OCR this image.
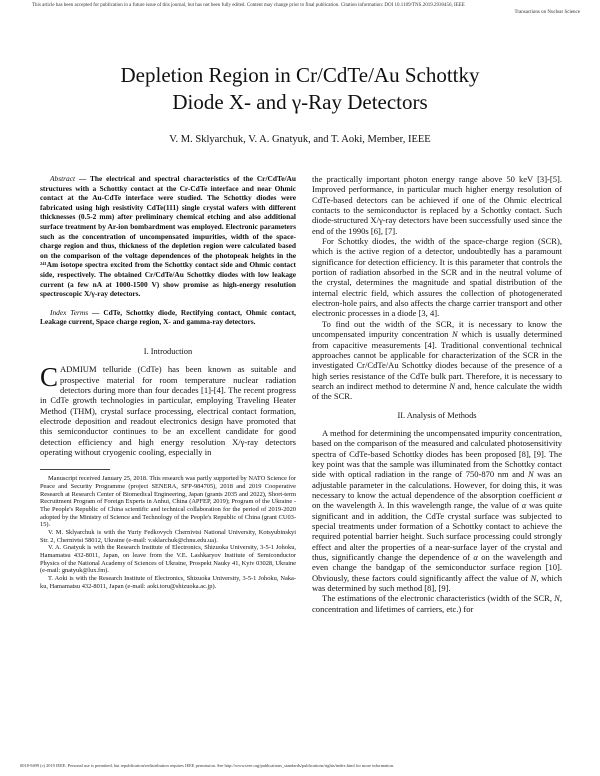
This article has been accepted for publication in a future issue of this journal, but has not been fully edited. Content may change prior to final publication. Citation information: DOI 10.1109/TNS.2019.2930456, IEEE
Transactions on Nuclear Science
Depletion Region in Cr/CdTe/Au Schottky
Diode X- and γ-Ray Detectors
V. M. Sklyarchuk, V. A. Gnatyuk, and T. Aoki, Member, IEEE

Abstract — The electrical and spectral characteristics of the Cr/CdTe/Au structures with a Schottky contact at the Cr-CdTe interface and near Ohmic contact at the Au-CdTe interface were studied. The Schottky diodes were fabricated using high resistivity CdTe(111) single crystal wafers with different thicknesses (0.5-2 mm) after preliminary chemical etching and also additional surface treatment by Ar-ion bombardment was employed. Electronic parameters such as the concentration of uncompensated impurities, width of the space-charge region and thus, thickness of the depletion region were calculated based on the comparison of the voltage dependences of the photopeak heights in the ²⁴¹Am isotope spectra excited from the Schottky contact side and Ohmic contact side, respectively. The obtained Cr/CdTe/Au Schottky diodes with low leakage current (a few nA at 1000-1500 V) show promise as high-energy resolution spectroscopic X/γ-ray detectors.

Index Terms — CdTe, Schottky diode, Rectifying contact, Ohmic contact, Leakage current, Space charge region, X- and gamma-ray detectors.

I. Introduction

CADMIUM telluride (CdTe) has been known as suitable and prospective material for room temperature nuclear radiation detectors during more than four decades [1]-[4]. The recent progress in CdTe growth technologies in particular, employing Traveling Heater Method (THM), crystal surface processing, electrical contact formation, electrode deposition and readout electronics design have promoted that this semiconductor continues to be an excellent candidate for good detection efficiency and high energy resolution X/γ-ray detectors operating without cryogenic cooling, especially in

Manuscript received January 25, 2018. This research was partly supported by NATO Science for Peace and Security Programme (project SENERA, SFP-984705), 2018 and 2019 Cooperative Research at Research Center of Biomedical Engineering, Japan (grants 2035 and 2022), Short-term Recruitment Program of Foreign Experts in Anhui, China (APFEP, 2019); Program of the Ukraine - The People's Republic of China scientific and technical collaboration for the period of 2019-2020 adopted by the Ministry of Science and Technology of the People's Republic of China (grant CU03-15).

V. M. Sklyarchuk is with the Yuriy Fedkovych Chernivtsi National University, Kotsyubinskyi Str. 2, Chernivtsi 58012, Ukraine (e-mail: v.sklarchuk@chnu.edu.ua).

V. A. Gnatyuk is with the Research Institute of Electronics, Shizuoka University, 3-5-1 Johoku, Hamamatsu 432-8011, Japan, on leave from the V.E. Lashkaryov Institute of Semiconductor Physics of the National Academy of Sciences of Ukraine, Prospekt Nauky 41, Kyiv 03028, Ukraine (e-mail: gnatyuk@lux.fm).

T. Aoki is with the Research Institute of Electronics, Shizuoka University, 3-5-1 Johoku, Naka-ku, Hamamatsu 432-8011, Japan (e-mail: aoki.toru@shizuoka.ac.jp).

the practically important photon energy range above 50 keV [3]-[5]. Improved performance, in particular much higher energy resolution of CdTe-based detectors can be achieved if one of the Ohmic electrical contacts to the semiconductor is replaced by a Schottky contact. Such diode-structured X/γ-ray detectors have been successfully used since the end of the 1990s [6], [7].

For Schottky diodes, the width of the space-charge region (SCR), which is the active region of a detector, undoubtedly has a paramount significance for detection efficiency. It is this parameter that controls the portion of radiation absorbed in the SCR and in the neutral volume of the crystal, determines the magnitude and spatial distribution of the internal electric field, which assures the collection of photogenerated electron-hole pairs, and also affects the charge carrier transport and other electronic processes in a diode [3, 4].

To find out the width of the SCR, it is necessary to know the uncompensated impurity concentration N which is usually determined from capacitive measurements [4]. Traditional conventional technical approaches cannot be applicable for characterization of the SCR in the investigated Cr/CdTe/Au Schottky diodes because of the presence of a high series resistance of the CdTe bulk part. Therefore, it is necessary to search an indirect method to determine N and, hence calculate the width of the SCR.

II. Analysis of Methods

A method for determining the uncompensated impurity concentration, based on the comparison of the measured and calculated photosensitivity spectra of CdTe-based Schottky diodes has been proposed [8], [9]. The key point was that the sample was illuminated from the Schottky contact side with optical radiation in the range of 750-870 nm and N was an adjustable parameter in the calculations. However, for doing this, it was necessary to know the actual dependence of the absorption coefficient α on the wavelength λ. In this wavelength range, the value of α was quite significant and in addition, the CdTe crystal surface was subjected to special treatments under formation of a Schottky contact to achieve the required potential barrier height. Such surface processing could strongly effect and alter the properties of a near-surface layer of the crystal and thus, significantly change the dependence of α on the wavelength and even change the bandgap of the semiconductor surface region [10]. Obviously, these factors could significantly affect the value of N, which was determined by such method [8], [9].

The estimations of the electronic characteristics (width of the SCR, N, concentration and lifetimes of carriers, etc.) for

0018-9499 (c) 2019 IEEE. Personal use is permitted, but republication/redistribution requires IEEE permission. See http://www.ieee.org/publications_standards/publications/rights/index.html for more information.
